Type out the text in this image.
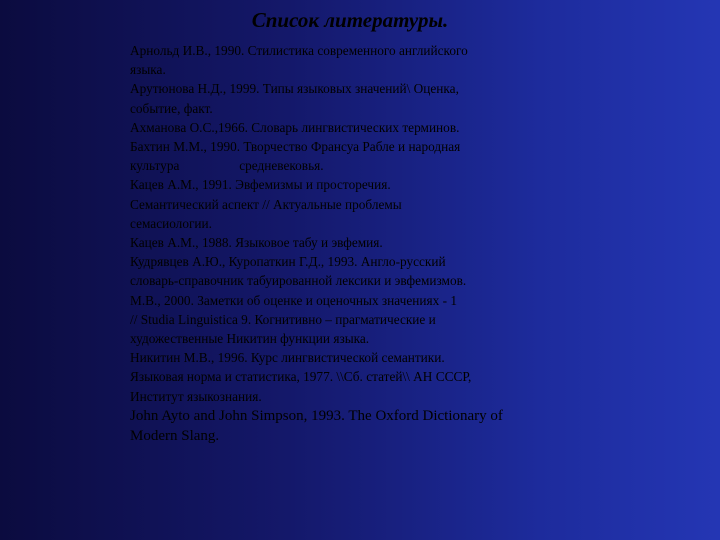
Список литературы.
Арнольд И.В., 1990. Стилистика современного английского
языка.
Арутюнова Н.Д., 1999. Типы языковых значений\ Оценка,
событие, факт.
Ахманова О.С.,1966. Словарь лингвистических терминов.
Бахтин М.М., 1990. Творчество Франсуа Рабле и народная
культура                  средневековья.
Кацев А.М., 1991. Эвфемизмы и просторечия.
Семантический аспект // Актуальные проблемы
семасиологии.
Кацев А.М., 1988. Языковое табу и эвфемия.
Кудрявцев А.Ю., Куропаткин Г.Д., 1993. Англо-русский
словарь-справочник табуированной лексики и эвфемизмов.
М.В., 2000. Заметки об оценке и оценочных значениях - 1
// Studia Linguistica 9. Когнитивно – прагматические и
художественные Никитин функции языка.
Никитин М.В., 1996. Курс лингвистической семантики.
Языковая норма и статистика, 1977. \\Сб. статей\\ АН СССР,
Институт языкознания.
John Ayto and John Simpson, 1993. The Oxford Dictionary of
Modern Slang.
